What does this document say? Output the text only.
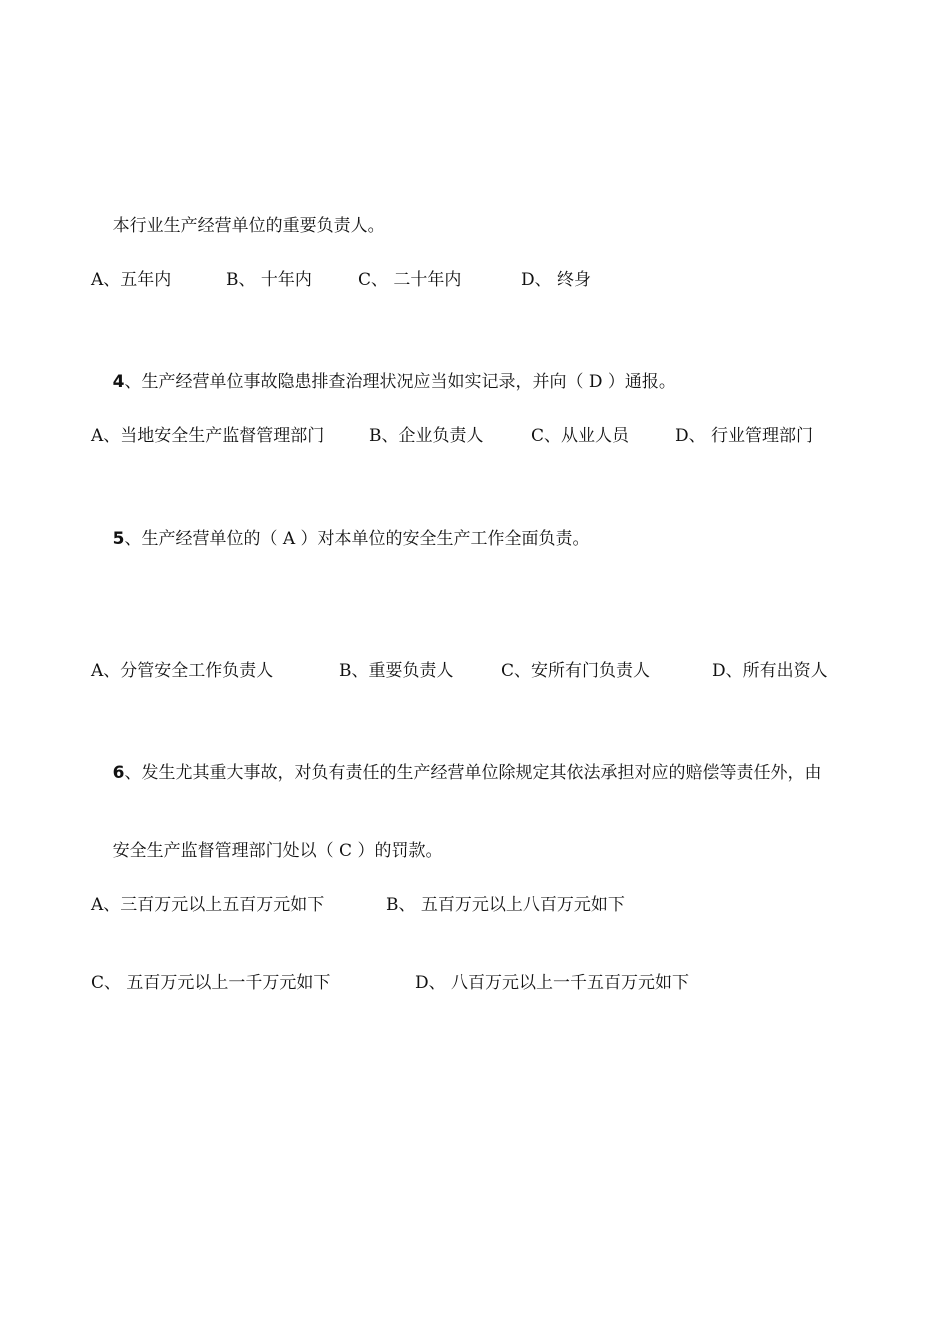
本行业生产经营单位的重要负责人。

A、五年内

	B、 十年内

	C、 二十年内

	D、 终身

4、生产经营单位事故隐患排查治理状况应当如实记录，并向（ D ）通报。

A、当地安全生产监督管理部门

	B、企业负责人

	C、从业人员

	D、 行业管理部门

5、生产经营单位的（ A ）对本单位的安全生产工作全面负责。

A、分管安全工作负责人

	B、重要负责人

	C、安所有门负责人

	D、所有出资人

6、发生尤其重大事故，对负有责任的生产经营单位除规定其依法承担对应的赔偿等责任外，由

安全生产监督管理部门处以（ C ）的罚款。

A、三百万元以上五百万元如下

	B、 五百万元以上八百万元如下

C、 五百万元以上一千万元如下

	D、 八百万元以上一千五百万元如下
